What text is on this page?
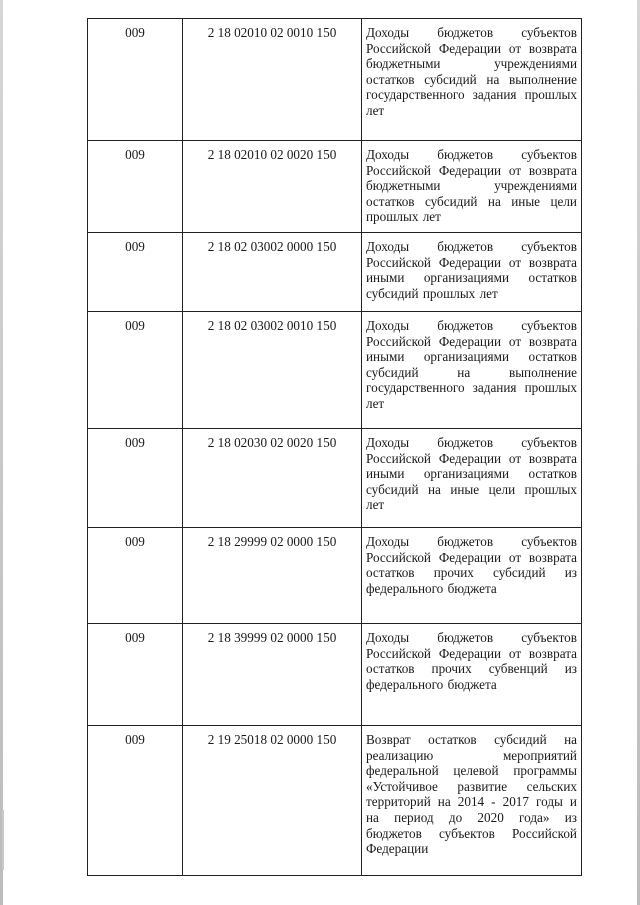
009	2 18 02010 02 0010 150	Доходы бюджетов субъектов Российской Федерации от возврата бюджетными учреждениями остатков субсидий на выполнение государственного задания прошлых лет
009	2 18 02010 02 0020 150	Доходы бюджетов субъектов Российской Федерации от возврата бюджетными учреждениями остатков субсидий на иные цели прошлых лет
009	2 18 02 03002 0000 150	Доходы бюджетов субъектов Российской Федерации от возврата иными организациями остатков субсидий прошлых лет
009	2 18 02 03002 0010 150	Доходы бюджетов субъектов Российской Федерации от возврата иными организациями остатков субсидий на выполнение государственного задания прошлых лет
009	2 18 02030 02 0020 150	Доходы бюджетов субъектов Российской Федерации от возврата иными организациями остатков субсидий на иные цели прошлых лет
009	2 18 29999 02 0000 150	Доходы бюджетов субъектов Российской Федерации от возврата остатков прочих субсидий из федерального бюджета
009	2 18 39999 02 0000 150	Доходы бюджетов субъектов Российской Федерации от возврата остатков прочих субвенций из федерального бюджета
009	2 19 25018 02 0000 150	Возврат остатков субсидий на реализацию мероприятий федеральной целевой программы «Устойчивое развитие сельских территорий на 2014 - 2017 годы и на период до 2020 года» из бюджетов субъектов Российской Федерации
